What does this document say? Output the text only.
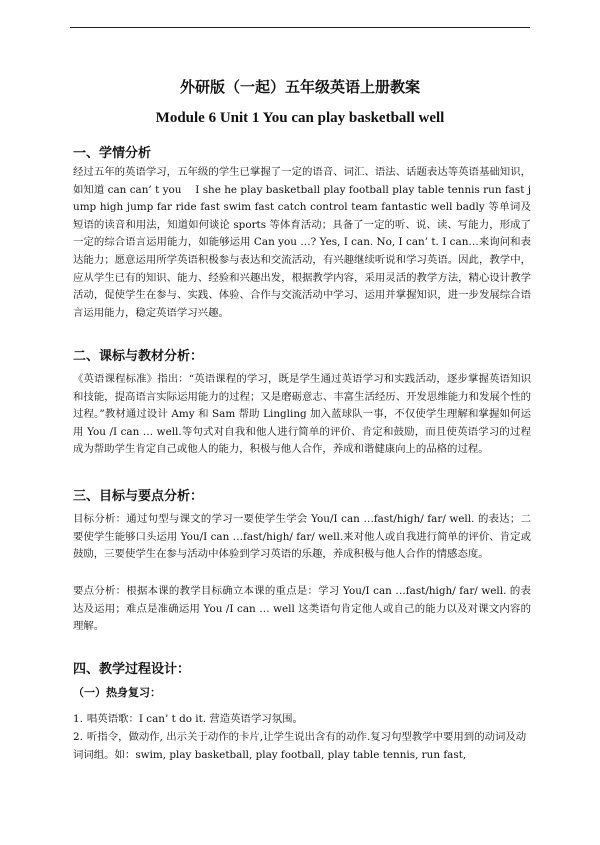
外研版（一起）五年级英语上册教案
Module 6 Unit 1 You can play basketball well
一、学情分析

经过五年的英语学习，五年级的学生已掌握了一定的语音、词汇、语法、话题表达等英语基础知识，如知道 can can’ t you　 I she he play basketball play football play table tennis run fast jump high jump far ride fast swim fast catch control team fantastic well badly 等单词及短语的读音和用法，知道如何谈论 sports 等体育活动；具备了一定的听、说、读、写能力，形成了一定的综合语言运用能力，如能够运用 Can you …? Yes, I can. No, I can’ t. I can…来询问和表达能力；愿意运用所学英语积极参与表达和交流活动，有兴趣继续听说和学习英语。因此，教学中，应从学生已有的知识、能力、经验和兴趣出发，根据教学内容，采用灵活的教学方法，精心设计教学活动，促使学生在参与、实践、体验、合作与交流活动中学习、运用并掌握知识，进一步发展综合语言运用能力，稳定英语学习兴趣。

二、课标与教材分析：

《英语课程标准》指出：“英语课程的学习，既是学生通过英语学习和实践活动，逐步掌握英语知识和技能，提高语言实际运用能力的过程；又是磨砺意志、丰富生活经历、开发思维能力和发展个性的过程。”教材通过设计 Amy 和 Sam 帮助 Lingling 加入蓝球队一事，不仅使学生理解和掌握如何运用 You /I can … well.等句式对自我和他人进行简单的评价、肯定和鼓励，而且使英语学习的过程成为帮助学生肯定自己或他人的能力，积极与他人合作，养成和谐健康向上的品格的过程。

三、目标与要点分析：

目标分析：通过句型与课文的学习一要使学生学会 You/I can …fast/high/ far/ well. 的表达；二要使学生能够口头运用 You/I can …fast/high/ far/ well.来对他人或自我进行简单的评价、肯定或鼓励，三要使学生在参与活动中体验到学习英语的乐趣，养成积极与他人合作的情感态度。

要点分析：根据本课的教学目标确立本课的重点是：学习 You/I can …fast/high/ far/ well. 的表达及运用；难点是准确运用 You /I can … well 这类语句肯定他人或自己的能力以及对课文内容的理解。

四、教学过程设计：

（一）热身复习：

1. 唱英语歌：I can’ t do it. 营造英语学习氛围。

2. 听指令，做动作, 出示关于动作的卡片,让学生说出含有的动作.复习句型教学中要用到的动词及动词词组。如：swim, play basketball, play football, play table tennis, run fast,
